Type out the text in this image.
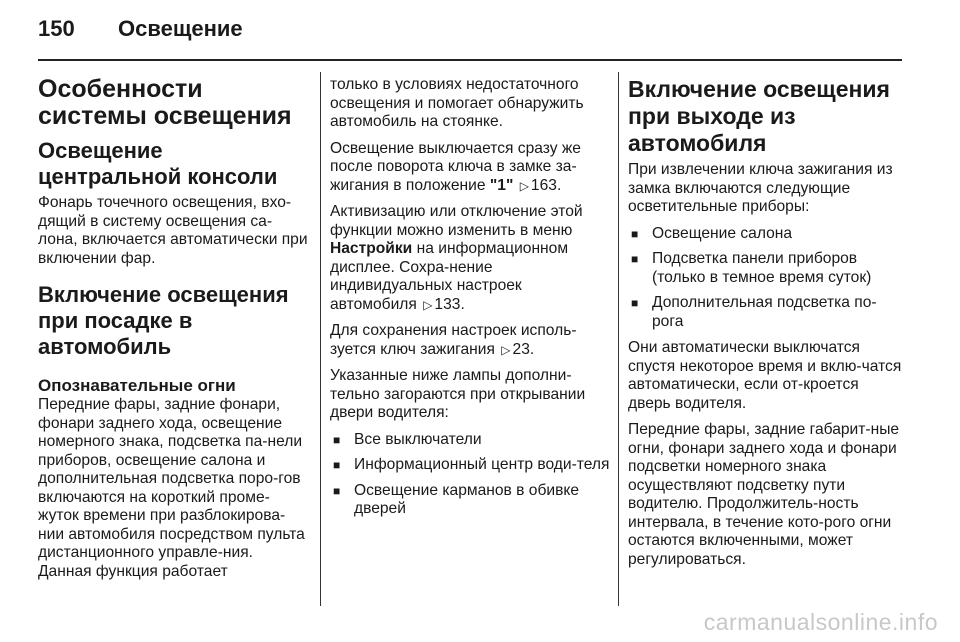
150	Освещение
Особенности системы освещения
Освещение центральной консоли

Фонарь точечного освещения, вхо-дящий в систему освещения са-лона, включается автоматически при включении фар.

Включение освещения при посадке в автомобиль
Опознавательные огни

Передние фары, задние фонари, фонари заднего хода, освещение номерного знака, подсветка па-нели приборов, освещение салона и дополнительная подсветка поро-гов включаются на короткий проме-жуток времени при разблокирова-нии автомобиля посредством пульта дистанционного управле-ния. Данная функция работает

только в условиях недостаточного освещения и помогает обнаружить автомобиль на стоянке.

Освещение выключается сразу же после поворота ключа в замке за-жигания в положение "1" ▷ 163.

Активизацию или отключение этой функции можно изменить в меню Настройки на информационном дисплее. Сохра-нение индивидуальных настроек автомобиля ▷ 133.

Для сохранения настроек исполь-зуется ключ зажигания ▷ 23.

Указанные ниже лампы дополни-тельно загораются при открывании двери водителя:

■ Все выключатели
■ Информационный центр води-теля
■ Освещение карманов в обивке дверей
Включение освещения при выходе из автомобиля

При извлечении ключа зажигания из замка включаются следующие осветительные приборы:

■ Освещение салона
■ Подсветка панели приборов (только в темное время суток)
■ Дополнительная подсветка по-рога

Они автоматически выключатся спустя некоторое время и вклю-чатся автоматически, если от-кроется дверь водителя.

Передние фары, задние габарит-ные огни, фонари заднего хода и фонари подсветки номерного знака осуществляют подсветку пути водителю. Продолжитель-ность интервала, в течение кото-рого огни остаются включенными, может регулироваться.

carmanualsonline.info
